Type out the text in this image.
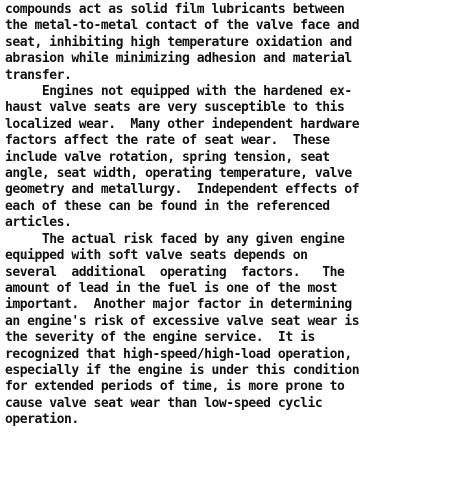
compounds act as solid film lubricants between
the metal-to-metal contact of the valve face and
seat, inhibiting high temperature oxidation and
abrasion while minimizing adhesion and material
transfer.
Engines not equipped with the hardened ex-
haust valve seats are very susceptible to this
localized wear.  Many other independent hardware
factors affect the rate of seat wear.  These
include valve rotation, spring tension, seat
angle, seat width, operating temperature, valve
geometry and metallurgy.  Independent effects of
each of these can be found in the referenced
articles.
The actual risk faced by any given engine
equipped with soft valve seats depends on
several  additional  operating  factors.   The
amount of lead in the fuel is one of the most
important.  Another major factor in determining
an engine's risk of excessive valve seat wear is
the severity of the engine service.  It is
recognized that high-speed/high-load operation,
especially if the engine is under this condition
for extended periods of time, is more prone to
cause valve seat wear than low-speed cyclic
operation.
